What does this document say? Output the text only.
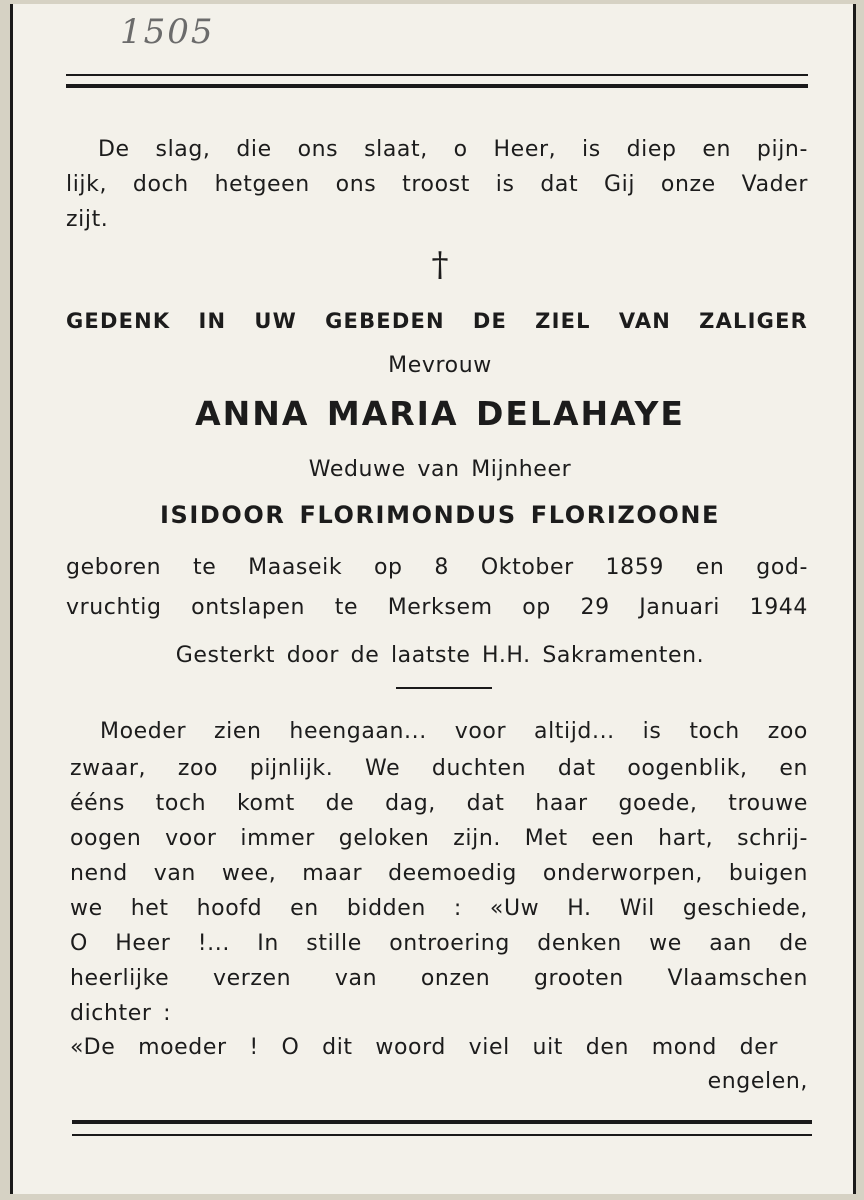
1505

De slag, die ons slaat, o Heer, is diep en pijn-

lijk, doch hetgeen ons troost is dat Gij onze Vader

zijt.

†

GEDENK IN UW GEBEDEN DE ZIEL VAN ZALIGER

Mevrouw

ANNA MARIA DELAHAYE

Weduwe van Mijnheer

ISIDOOR FLORIMONDUS FLORIZOONE

geboren te Maaseik op 8 Oktober 1859 en god-

vruchtig ontslapen te Merksem op 29 Januari 1944

Gesterkt door de laatste H.H. Sakramenten.

Moeder zien heengaan... voor altijd... is toch zoo

zwaar, zoo pijnlijk. We duchten dat oogenblik, en

ééns toch komt de dag, dat haar goede, trouwe

oogen voor immer geloken zijn. Met een hart, schrij-

nend van wee, maar deemoedig onderworpen, buigen

we het hoofd en bidden : «Uw H. Wil geschiede,

O Heer !... In stille ontroering denken we aan de

heerlijke verzen van onzen grooten Vlaamschen

dichter :

«De moeder ! O dit woord viel uit den mond der

engelen,
